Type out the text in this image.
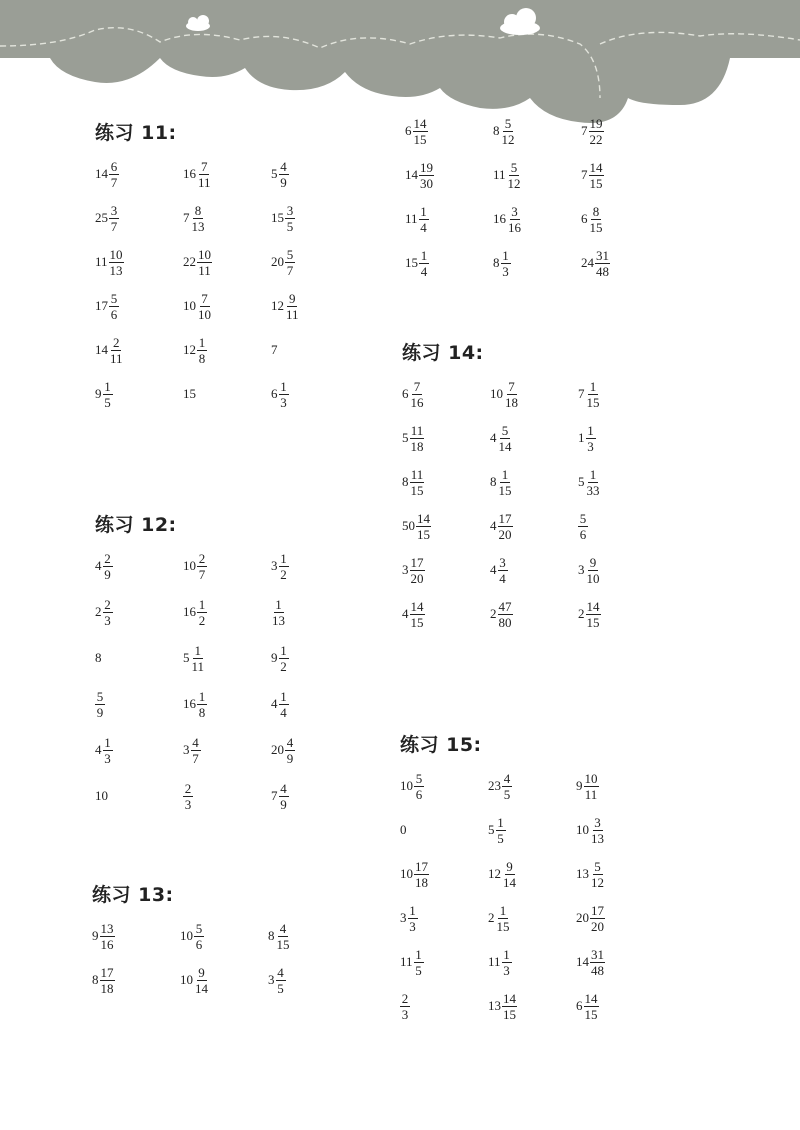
练习 11:
$14 \frac{6}{7}$	$16 \frac{7}{11}$	$5 \frac{4}{9}$
$25 \frac{3}{7}$	$7 \frac{8}{13}$	$15 \frac{3}{5}$
$11 \frac{10}{13}$	$22 \frac{10}{11}$	$20 \frac{5}{7}$
$17 \frac{5}{6}$	$10 \frac{7}{10}$	$12 \frac{9}{11}$
$14 \frac{2}{11}$	$12 \frac{1}{8}$	7
$9 \frac{1}{5}$	15	$6 \frac{1}{3}$
练习 12:
$4 \frac{2}{9}$	$10 \frac{2}{7}$	$3 \frac{1}{2}$
$2 \frac{2}{3}$	$16 \frac{1}{2}$	$\frac{1}{13}$
8	$5 \frac{1}{11}$	$9 \frac{1}{2}$
$\frac{5}{9}$	$16 \frac{1}{8}$	$4 \frac{1}{4}$
$4 \frac{1}{3}$	$3 \frac{4}{7}$	$20 \frac{4}{9}$
10	$\frac{2}{3}$	$7 \frac{4}{9}$
练习 13:
$9 \frac{13}{16}$	$10 \frac{5}{6}$	$8 \frac{4}{15}$
$8 \frac{17}{18}$	$10 \frac{9}{14}$	$3 \frac{4}{5}$
$6 \frac{14}{15}$	$8 \frac{5}{12}$	$7 \frac{19}{22}$
$14 \frac{19}{30}$	$11 \frac{5}{12}$	$7 \frac{14}{15}$
$11 \frac{1}{4}$	$16 \frac{3}{16}$	$6 \frac{8}{15}$
$15 \frac{1}{4}$	$8 \frac{1}{3}$	$24 \frac{31}{48}$
练习 14:
$6 \frac{7}{16}$	$10 \frac{7}{18}$	$7 \frac{1}{15}$
$5 \frac{11}{18}$	$4 \frac{5}{14}$	$1 \frac{1}{3}$
$8 \frac{11}{15}$	$8 \frac{1}{15}$	$5 \frac{1}{33}$
$50 \frac{14}{15}$	$4 \frac{17}{20}$	$\frac{5}{6}$
$3 \frac{17}{20}$	$4 \frac{3}{4}$	$3 \frac{9}{10}$
$4 \frac{14}{15}$	$2 \frac{47}{80}$	$2 \frac{14}{15}$
练习 15:
$10 \frac{5}{6}$	$23 \frac{4}{5}$	$9 \frac{10}{11}$
0	$5 \frac{1}{5}$	$10 \frac{3}{13}$
$10 \frac{17}{18}$	$12 \frac{9}{14}$	$13 \frac{5}{12}$
$3 \frac{1}{3}$	$2 \frac{1}{15}$	$20 \frac{17}{20}$
$11 \frac{1}{5}$	$11 \frac{1}{3}$	$14 \frac{31}{48}$
$\frac{2}{3}$	$13 \frac{14}{15}$	$6 \frac{14}{15}$
